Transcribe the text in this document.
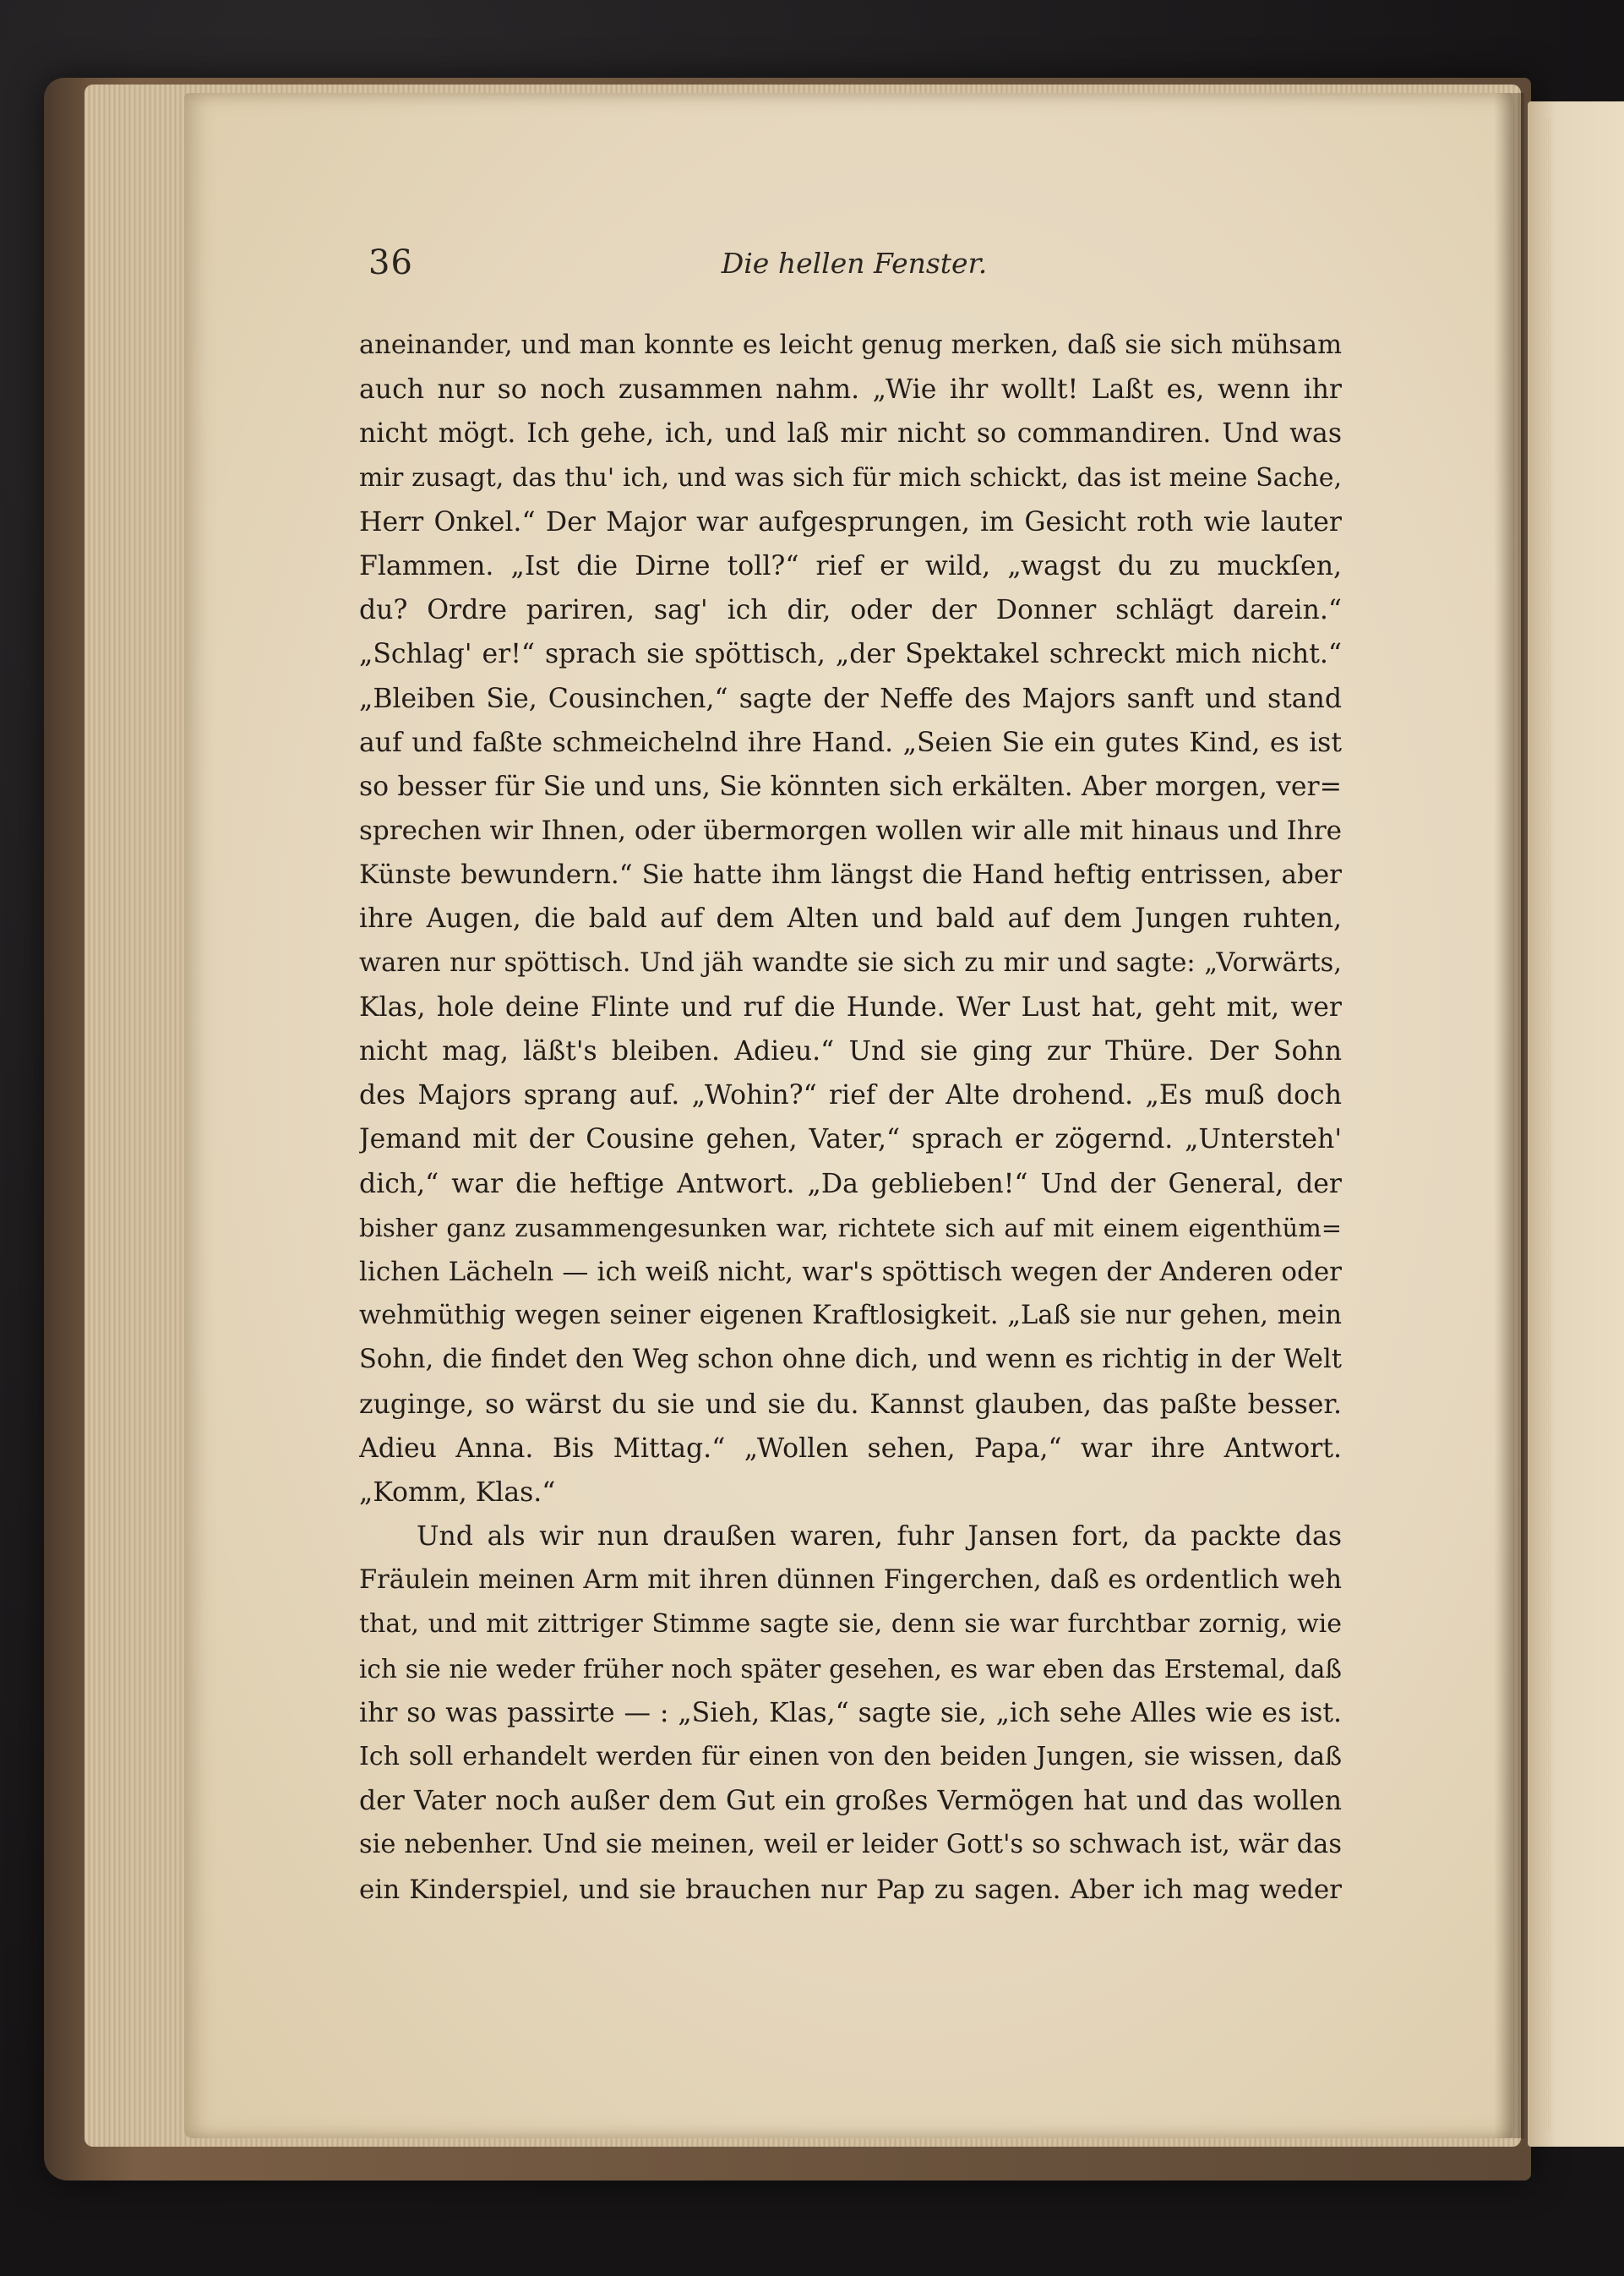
36	Die hellen Fenster.
aneinander, und man konnte es leicht genug merken, daß sie sich mühsam
auch nur so noch zusammen nahm. „Wie ihr wollt! Laßt es, wenn ihr
nicht mögt. Ich gehe, ich, und laß mir nicht so commandiren. Und was
mir zusagt, das thu' ich, und was sich für mich schickt, das ist meine Sache,
Herr Onkel.“ Der Major war aufgesprungen, im Gesicht roth wie lauter
Flammen. „Ist die Dirne toll?“ rief er wild, „wagst du zu muckſen,
du? Ordre pariren, sag' ich dir, oder der Donner schlägt darein.“
„Schlag' er!“ sprach sie spöttisch, „der Spektakel schreckt mich nicht.“
„Bleiben Sie, Cousinchen,“ sagte der Neffe des Majors sanft und stand
auf und faßte schmeichelnd ihre Hand. „Seien Sie ein gutes Kind, es ist
so besser für Sie und uns, Sie könnten sich erkälten. Aber morgen, ver=
sprechen wir Ihnen, oder übermorgen wollen wir alle mit hinaus und Ihre
Künste bewundern.“ Sie hatte ihm längst die Hand heftig entrissen, aber
ihre Augen, die bald auf dem Alten und bald auf dem Jungen ruhten,
waren nur spöttisch. Und jäh wandte sie sich zu mir und sagte: „Vorwärts,
Klas, hole deine Flinte und ruf die Hunde. Wer Lust hat, geht mit, wer
nicht mag, läßt's bleiben. Adieu.“ Und sie ging zur Thüre. Der Sohn
des Majors sprang auf. „Wohin?“ rief der Alte drohend. „Es muß doch
Jemand mit der Cousine gehen, Vater,“ sprach er zögernd. „Untersteh'
dich,“ war die heftige Antwort. „Da geblieben!“ Und der General, der
bisher ganz zusammengesunken war, richtete sich auf mit einem eigenthüm=
lichen Lächeln — ich weiß nicht, war's spöttisch wegen der Anderen oder
wehmüthig wegen seiner eigenen Kraftlosigkeit. „Laß sie nur gehen, mein
Sohn, die findet den Weg schon ohne dich, und wenn es richtig in der Welt
zuginge, so wärst du sie und sie du. Kannst glauben, das paßte besser.
Adieu Anna. Bis Mittag.“ „Wollen sehen, Papa,“ war ihre Antwort.
„Komm, Klas.“
Und als wir nun draußen waren, fuhr Jansen fort, da packte das
Fräulein meinen Arm mit ihren dünnen Fingerchen, daß es ordentlich weh
that, und mit zittriger Stimme sagte sie, denn sie war furchtbar zornig, wie
ich sie nie weder früher noch später gesehen, es war eben das Erstemal, daß
ihr so was passirte — : „Sieh, Klas,“ sagte sie, „ich sehe Alles wie es ist.
Ich soll erhandelt werden für einen von den beiden Jungen, sie wissen, daß
der Vater noch außer dem Gut ein großes Vermögen hat und das wollen
sie nebenher. Und sie meinen, weil er leider Gott's so schwach ist, wär das
ein Kinderspiel, und sie brauchen nur Pap zu sagen. Aber ich mag weder
